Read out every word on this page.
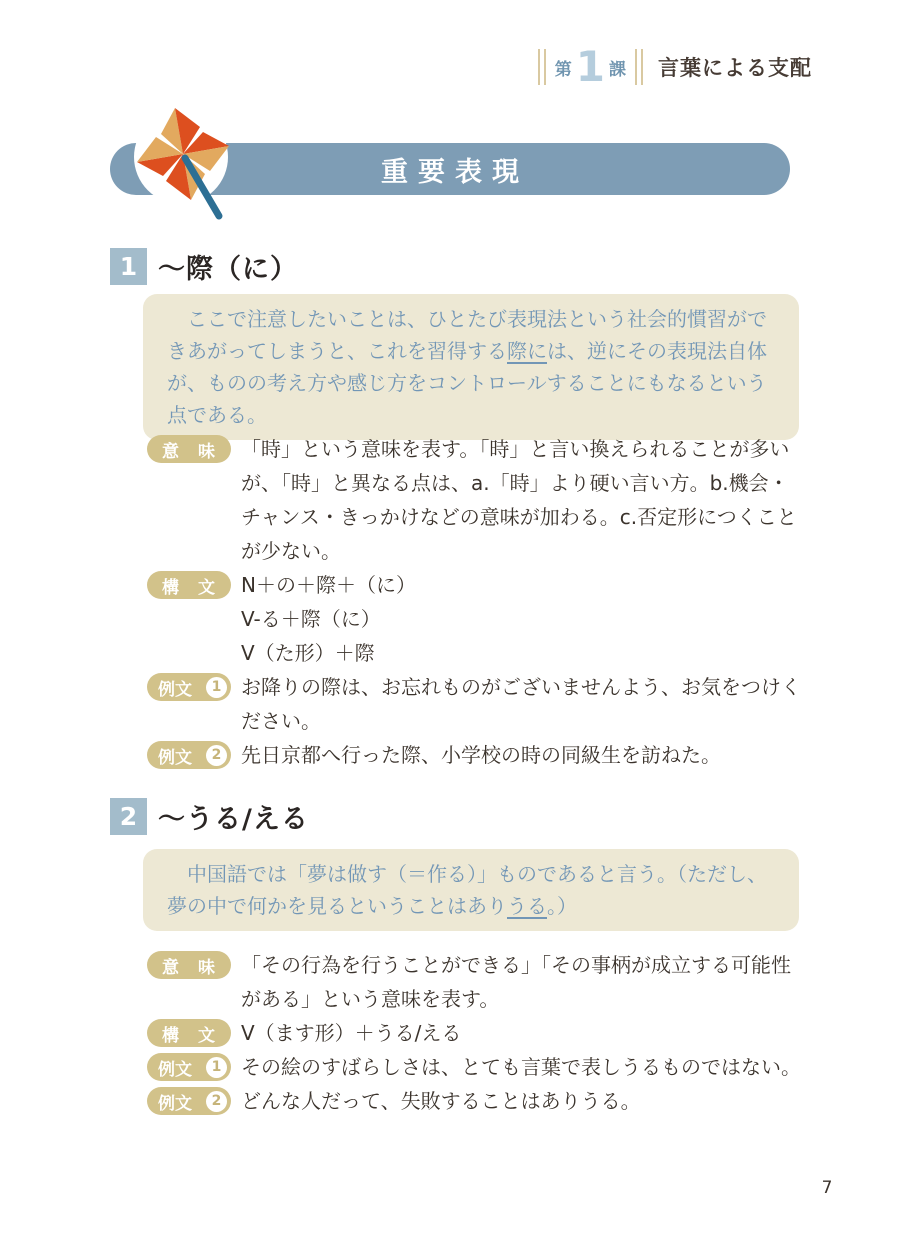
第 1 課 言葉による支配
重要表現
1 ～際（に）

ここで注意したいことは、ひとたび表現法という社会的慣習ができあがってしまうと、これを習得する際には、逆にその表現法自体が、ものの考え方や感じ方をコントロールすることにもなるという点である。

意　味	「時」という意味を表す。「時」と言い換えられることが多いが、「時」と異なる点は、a.「時」より硬い言い方。b.機会・チャンス・きっかけなどの意味が加わる。c.否定形につくことが少ない。
構　文	N＋の＋際＋（に）
V-る＋際（に）
V（た形）＋際
例文	1 お降りの際は、お忘れものがございませんよう、お気をつけください。
例文	2 先日京都へ行った際、小学校の時の同級生を訪ねた。
2 ～うる/える

中国語では「夢は做す（＝作る）」ものであると言う。（ただし、夢の中で何かを見るということはありうる。）

意　味	「その行為を行うことができる」「その事柄が成立する可能性がある」という意味を表す。
構　文	V（ます形）＋うる/える
例文	1 その絵のすばらしさは、とても言葉で表しうるものではない。
例文	2 どんな人だって、失敗することはありうる。
7
